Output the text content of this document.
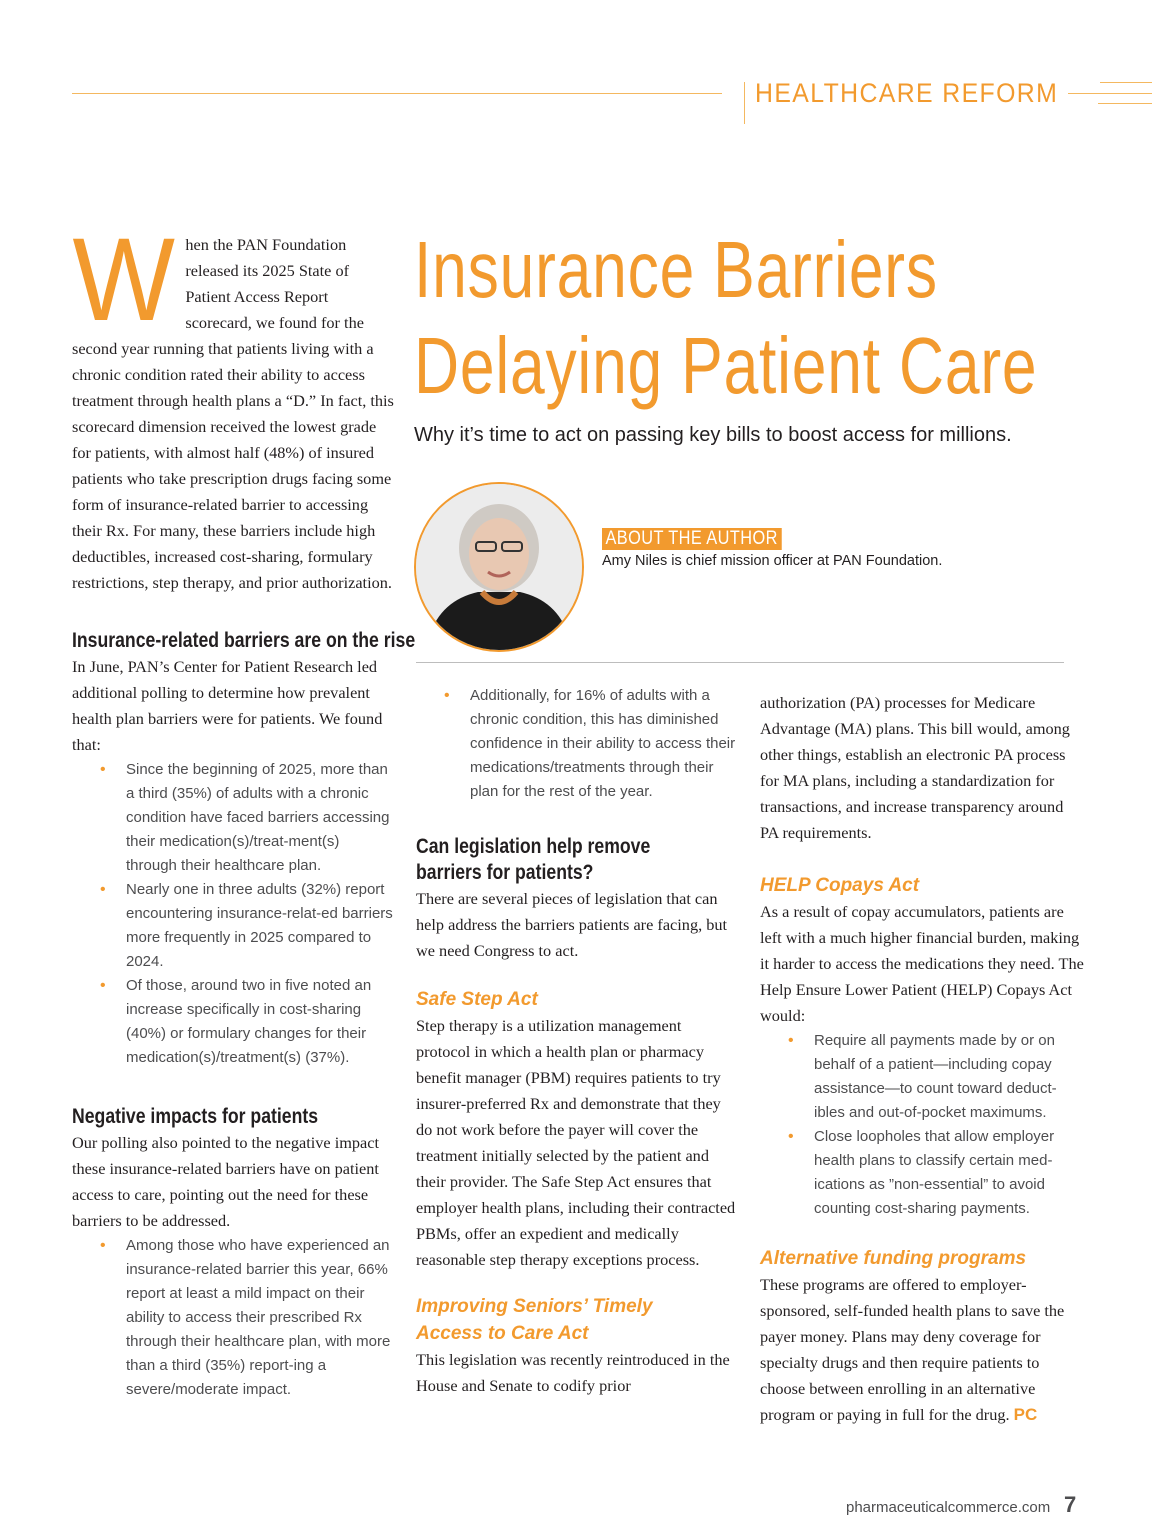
HEALTHCARE REFORM
Insurance Barriers
Delaying Patient Care
Why it’s time to act on passing key bills to boost access for millions.
ABOUT THE AUTHOR
Amy Niles is chief mission officer at PAN Foundation.

When the PAN Foundation released its 2025 State of Patient Access Report scorecard, we found for the second year running that patients living with a chronic condition rated their ability to access treatment through health plans a “D.” In fact, this scorecard dimension received the lowest grade for patients, with almost half (48%) of insured patients who take prescription drugs facing some form of insurance-related barrier to accessing their Rx. For many, these barriers include high deductibles, increased cost-sharing, formulary restrictions, step therapy, and prior authorization.

Insurance-related barriers are on the rise

In June, PAN’s Center for Patient Research led additional polling to determine how prevalent health plan barriers were for patients. We found that:

• Since the beginning of 2025, more than a third (35%) of adults with a chronic condition have faced barriers accessing their medication(s)/treat-ment(s) through their healthcare plan.
• Nearly one in three adults (32%) report encountering insurance-relat-ed barriers more frequently in 2025 compared to 2024.
• Of those, around two in five noted an increase specifically in cost-sharing (40%) or formulary changes for their medication(s)/treatment(s) (37%).

Negative impacts for patients

Our polling also pointed to the negative impact these insurance-related barriers have on patient access to care, pointing out the need for these barriers to be addressed.

• Among those who have experienced an insurance-related barrier this year, 66% report at least a mild impact on their ability to access their prescribed Rx through their healthcare plan, with more than a third (35%) report-ing a severe/moderate impact.
• Additionally, for 16% of adults with a chronic condition, this has diminished confidence in their ability to access their medications/treatments through their plan for the rest of the year.

Can legislation help remove
barriers for patients?

There are several pieces of legislation that can help address the barriers patients are facing, but we need Congress to act.

Safe Step Act

Step therapy is a utilization management protocol in which a health plan or pharmacy benefit manager (PBM) requires patients to try insurer-preferred Rx and demonstrate that they do not work before the payer will cover the treatment initially selected by the patient and their provider. The Safe Step Act ensures that employer health plans, including their contracted PBMs, offer an expedient and medically reasonable step therapy exceptions process.

Improving Seniors’ Timely
Access to Care Act

This legislation was recently reintroduced in the House and Senate to codify prior

authorization (PA) processes for Medicare Advantage (MA) plans. This bill would, among other things, establish an electronic PA process for MA plans, including a standardization for transactions, and increase transparency around PA requirements.

HELP Copays Act

As a result of copay accumulators, patients are left with a much higher financial burden, making it harder to access the medications they need. The Help Ensure Lower Patient (HELP) Copays Act would:

• Require all payments made by or on behalf of a patient—including copay assistance—to count toward deduct-ibles and out-of-pocket maximums.
• Close loopholes that allow employer health plans to classify certain med-ications as ”non-essential” to avoid counting cost-sharing payments.

Alternative funding programs

These programs are offered to employer-sponsored, self-funded health plans to save the payer money. Plans may deny coverage for specialty drugs and then require patients to choose between enrolling in an alternative program or paying in full for the drug. PC

pharmaceuticalcommerce.com 7
